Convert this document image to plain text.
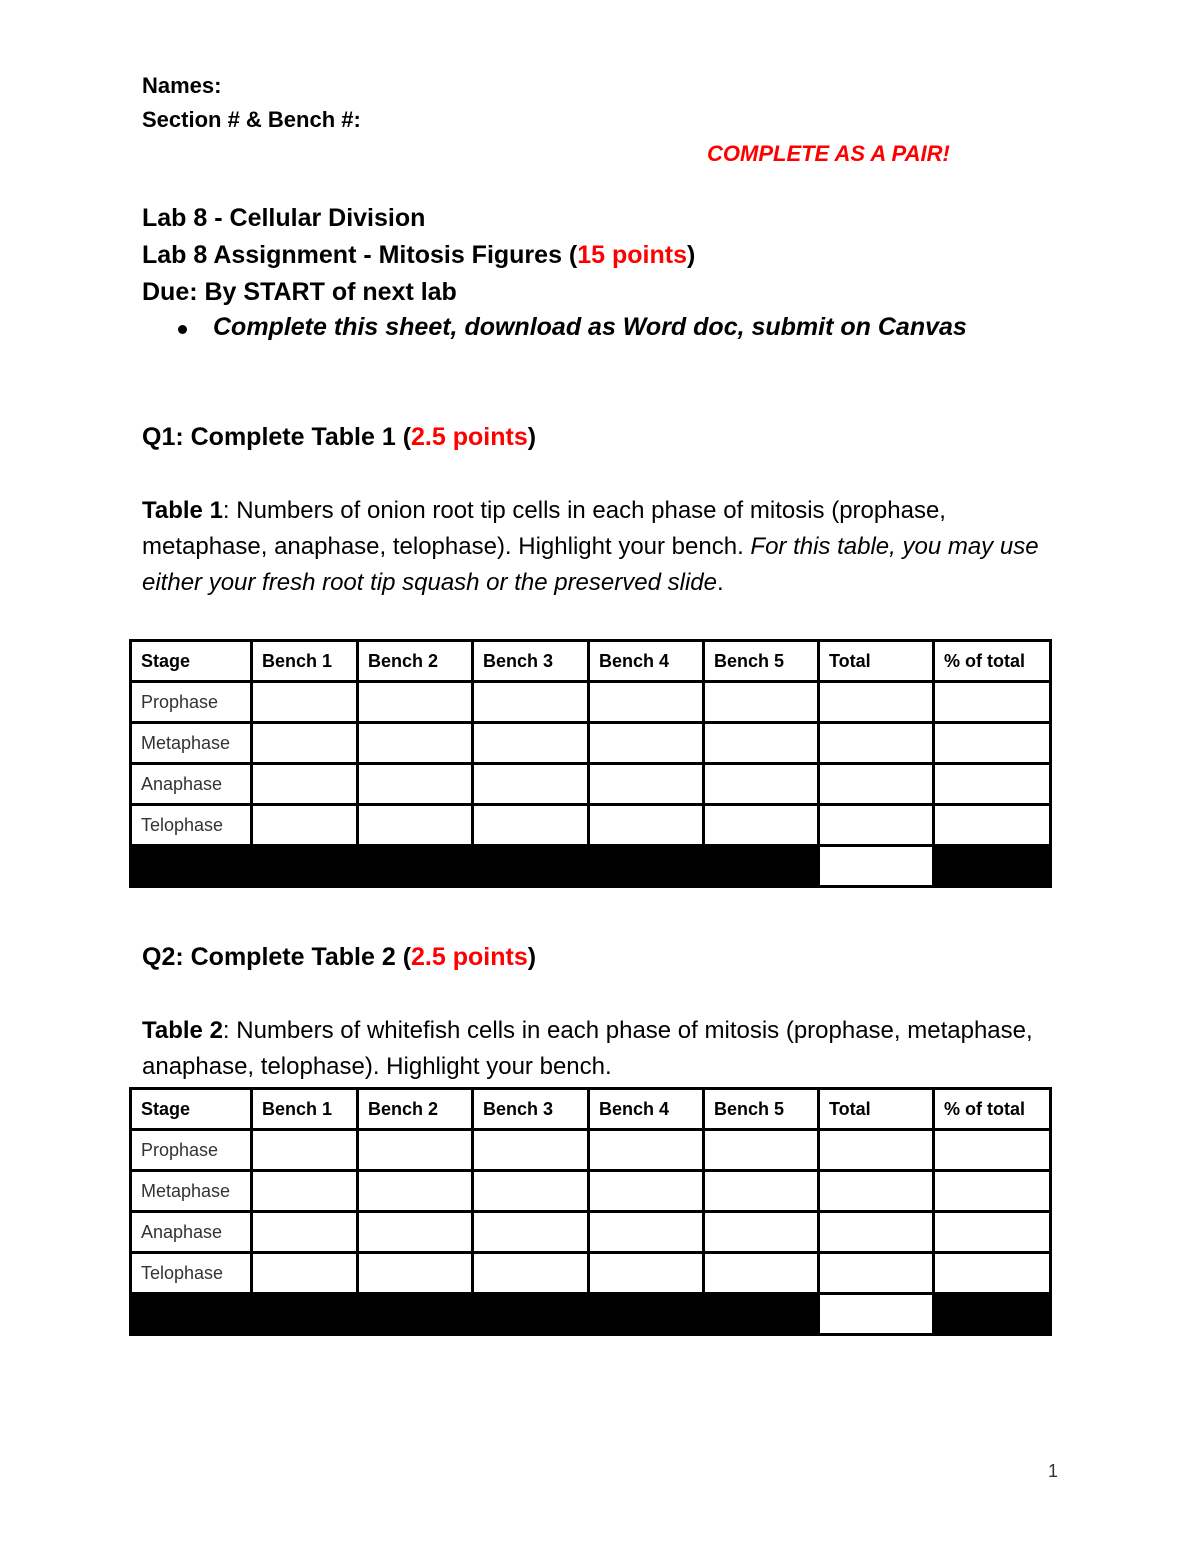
Names:
Section # & Bench #:
COMPLETE AS A PAIR!
Lab 8 - Cellular Division
Lab 8 Assignment - Mitosis Figures (15 points)
Due: By START of next lab
Complete this sheet, download as Word doc, submit on Canvas
Q1: Complete Table 1 (2.5 points)
Table 1: Numbers of onion root tip cells in each phase of mitosis (prophase, metaphase, anaphase, telophase). Highlight your bench. For this table, you may use either your fresh root tip squash or the preserved slide.
Stage	Bench 1	Bench 2	Bench 3	Bench 4	Bench 5	Total	% of total
Prophase							
Metaphase							
Anaphase							
Telophase							

Q2: Complete Table 2 (2.5 points)
Table 2: Numbers of whitefish cells in each phase of mitosis (prophase, metaphase, anaphase, telophase). Highlight your bench.
Stage	Bench 1	Bench 2	Bench 3	Bench 4	Bench 5	Total	% of total
Prophase							
Metaphase							
Anaphase							
Telophase							

1
